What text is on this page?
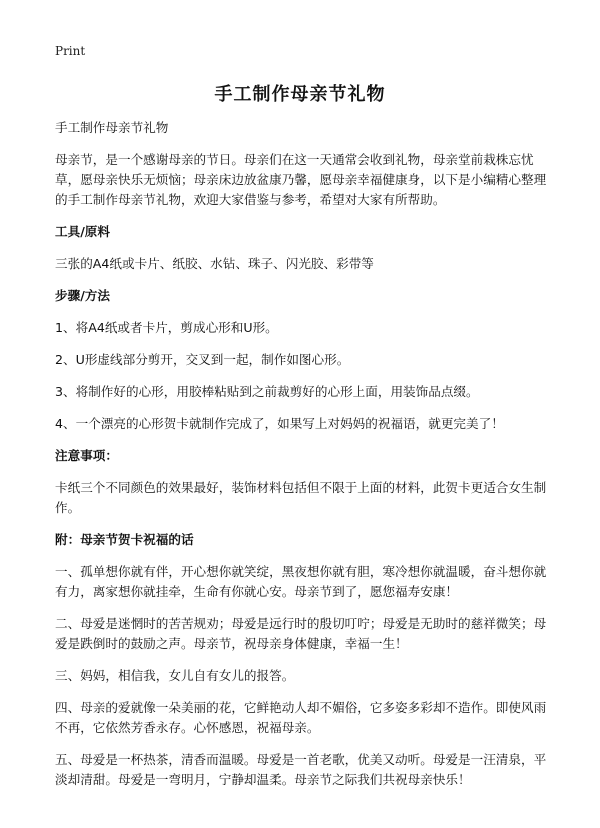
Print
手工制作母亲节礼物

手工制作母亲节礼物

母亲节，是一个感谢母亲的节日。母亲们在这一天通常会收到礼物，母亲堂前栽株忘忧草，愿母亲快乐无烦恼；母亲床边放盆康乃馨，愿母亲幸福健康身，以下是小编精心整理的手工制作母亲节礼物，欢迎大家借鉴与参考，希望对大家有所帮助。

工具/原料

三张的A4纸或卡片、纸胶、水钻、珠子、闪光胶、彩带等

步骤/方法

1、将A4纸或者卡片，剪成心形和U形。

2、U形虚线部分剪开，交叉到一起，制作如图心形。

3、将制作好的心形，用胶棒粘贴到之前裁剪好的心形上面，用装饰品点缀。

4、一个漂亮的心形贺卡就制作完成了，如果写上对妈妈的祝福语，就更完美了！

注意事项：

卡纸三个不同颜色的效果最好，装饰材料包括但不限于上面的材料，此贺卡更适合女生制作。

附：母亲节贺卡祝福的话

一、孤单想你就有伴，开心想你就笑绽，黑夜想你就有胆，寒冷想你就温暖，奋斗想你就有力，离家想你就挂牵，生命有你就心安。母亲节到了，愿您福寿安康！

二、母爱是迷惘时的苦苦规劝；母爱是远行时的殷切叮咛；母爱是无助时的慈祥微笑；母爱是跌倒时的鼓励之声。母亲节，祝母亲身体健康，幸福一生！

三、妈妈，相信我，女儿自有女儿的报答。

四、母亲的爱就像一朵美丽的花，它鲜艳动人却不媚俗，它多姿多彩却不造作。即使风雨不再，它依然芳香永存。心怀感恩，祝福母亲。

五、母爱是一杯热茶，清香而温暖。母爱是一首老歌，优美又动听。母爱是一汪清泉，平淡却清甜。母爱是一弯明月，宁静却温柔。母亲节之际我们共祝母亲快乐！
